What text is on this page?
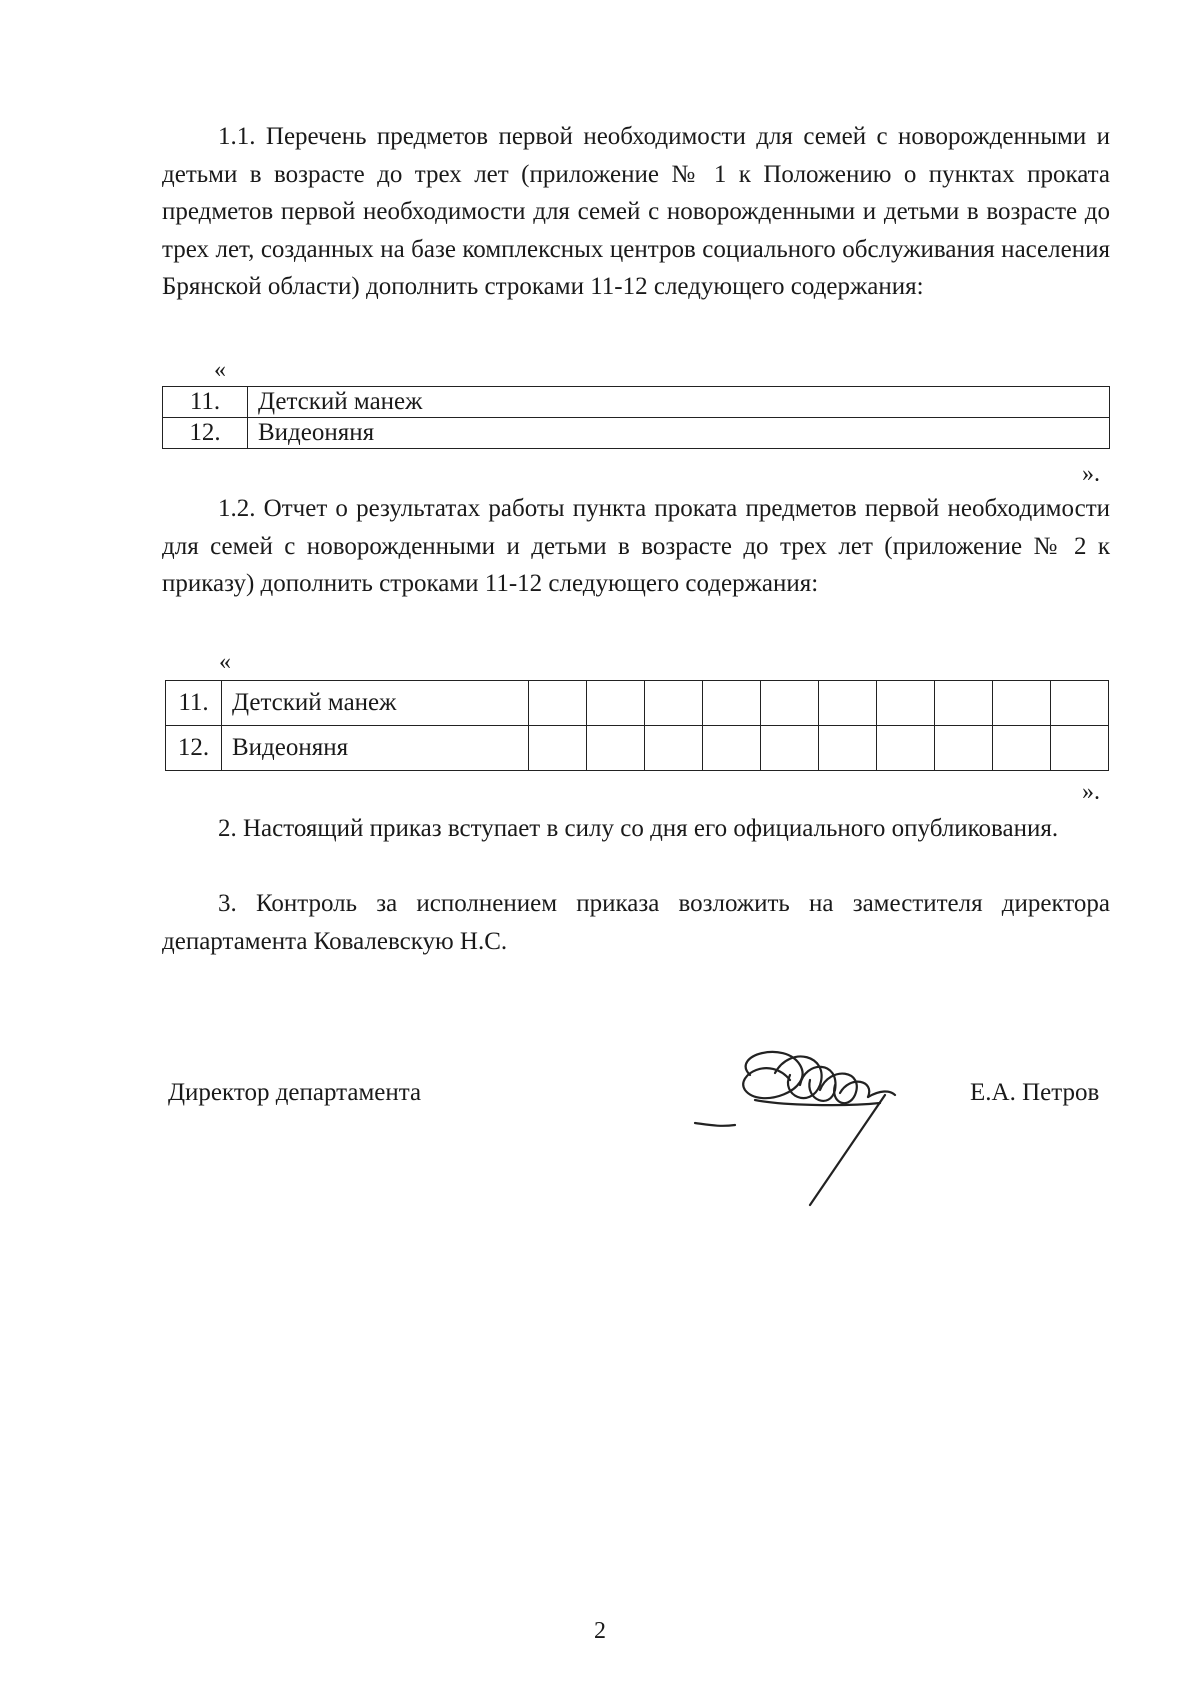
1.1. Перечень предметов первой необходимости для семей с новорожденными и детьми в возрасте до трех лет (приложение № 1 к Положению о пунктах проката предметов первой необходимости для семей с новорожденными и детьми в возрасте до трех лет, созданных на базе комплексных центров социального обслуживания населения Брянской области) дополнить строками 11-12 следующего содержания:

«
11.	Детский манеж
12.	Видеоняня
».

1.2. Отчет о результатах работы пункта проката предметов первой необходимости для семей с новорожденными и детьми в возрасте до трех лет (приложение № 2 к приказу) дополнить строками 11-12 следующего содержания:

«
11.	Детский манеж										
12.	Видеоняня										
».

2. Настоящий приказ вступает в силу со дня его официального опубликования.

3. Контроль за исполнением приказа возложить на заместителя директора департамента Ковалевскую Н.С.

Директор департамента	Е.А. Петров
2
